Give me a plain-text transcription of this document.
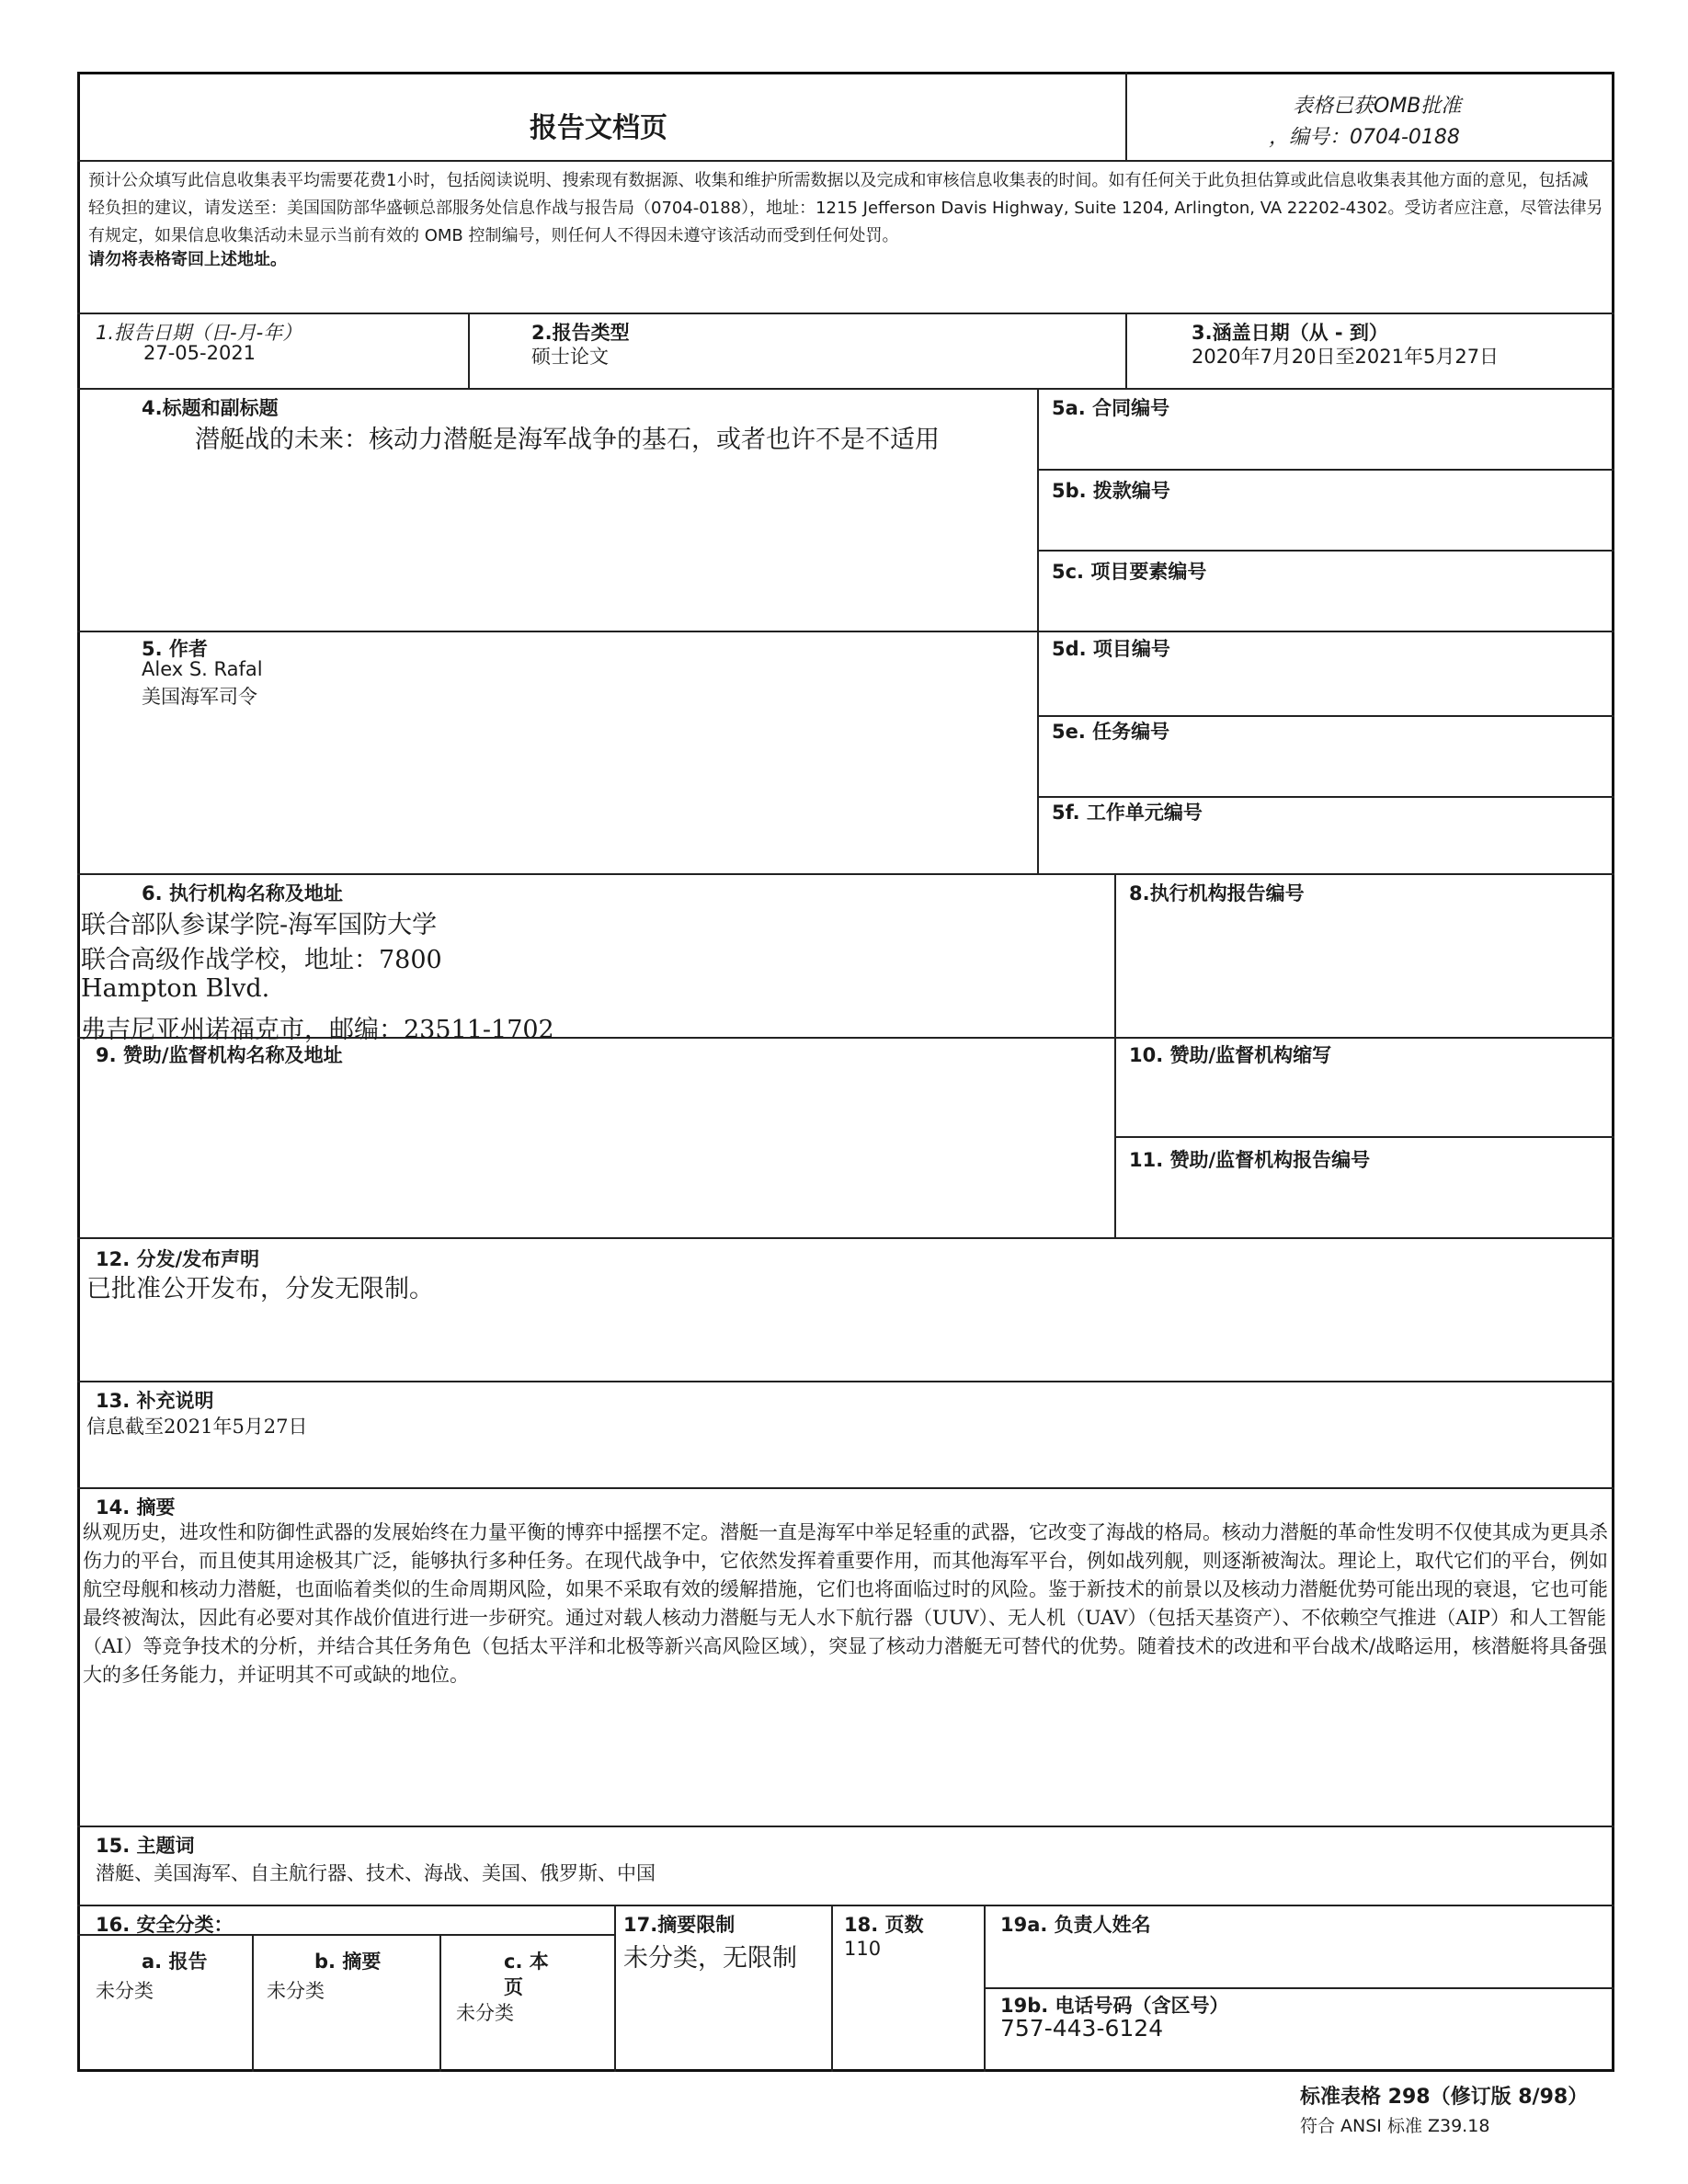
报告文档页
表格已获OMB批准
，编号：0704-0188
预计公众填写此信息收集表平均需要花费1小时，包括阅读说明、搜索现有数据源、收集和维护所需数据以及完成和审核信息收集表的时间。如有任何关于此负担估算或此信息收集表其他方面的意见，包括减轻负担的建议，请发送至：美国国防部华盛顿总部服务处信息作战与报告局（0704-0188），地址：1215 Jefferson Davis Highway, Suite 1204, Arlington, VA 22202-4302。受访者应注意，尽管法律另有规定，如果信息收集活动未显示当前有效的 OMB 控制编号，则任何人不得因未遵守该活动而受到任何处罚。
请勿将表格寄回上述地址。
1.报告日期（日-月-年）
27-05-2021
2.报告类型
硕士论文
3.涵盖日期（从 - 到）
2020年7月20日至2021年5月27日
4.标题和副标题
潜艇战的未来：核动力潜艇是海军战争的基石，或者也许不是不适用
5a. 合同编号
5b. 拨款编号
5c. 项目要素编号
5. 作者
Alex S. Rafal
美国海军司令
5d. 项目编号
5e. 任务编号
5f. 工作单元编号
6. 执行机构名称及地址
联合部队参谋学院-海军国防大学
联合高级作战学校，地址：7800
Hampton Blvd.
弗吉尼亚州诺福克市，邮编：23511-1702
8.执行机构报告编号
9. 赞助/监督机构名称及地址	10. 赞助/监督机构缩写
11. 赞助/监督机构报告编号
12. 分发/发布声明
已批准公开发布，分发无限制。
13. 补充说明
信息截至2021年5月27日
14. 摘要
纵观历史，进攻性和防御性武器的发展始终在力量平衡的博弈中摇摆不定。潜艇一直是海军中举足轻重的武器，它改变了海战的格局。核动力潜艇的革命性发明不仅使其成为更具杀伤力的平台，而且使其用途极其广泛，能够执行多种任务。在现代战争中，它依然发挥着重要作用，而其他海军平台，例如战列舰，则逐渐被淘汰。理论上，取代它们的平台，例如航空母舰和核动力潜艇，也面临着类似的生命周期风险，如果不采取有效的缓解措施，它们也将面临过时的风险。鉴于新技术的前景以及核动力潜艇优势可能出现的衰退，它也可能最终被淘汰，因此有必要对其作战价值进行进一步研究。通过对载人核动力潜艇与无人水下航行器（UUV）、无人机（UAV）（包括天基资产）、不依赖空气推进（AIP）和人工智能（AI）等竞争技术的分析，并结合其任务角色（包括太平洋和北极等新兴高风险区域），突显了核动力潜艇无可替代的优势。随着技术的改进和平台战术/战略运用，核潜艇将具备强大的多任务能力，并证明其不可或缺的地位。
15. 主题词
潜艇、美国海军、自主航行器、技术、海战、美国、俄罗斯、中国
16. 安全分类：
a. 报告
未分类
b. 摘要
未分类
c. 本
页
未分类
17.摘要限制
未分类，无限制
18. 页数
110
19a. 负责人姓名
19b. 电话号码（含区号）
757-443-6124
标准表格 298（修订版 8/98）
符合 ANSI 标准 Z39.18
